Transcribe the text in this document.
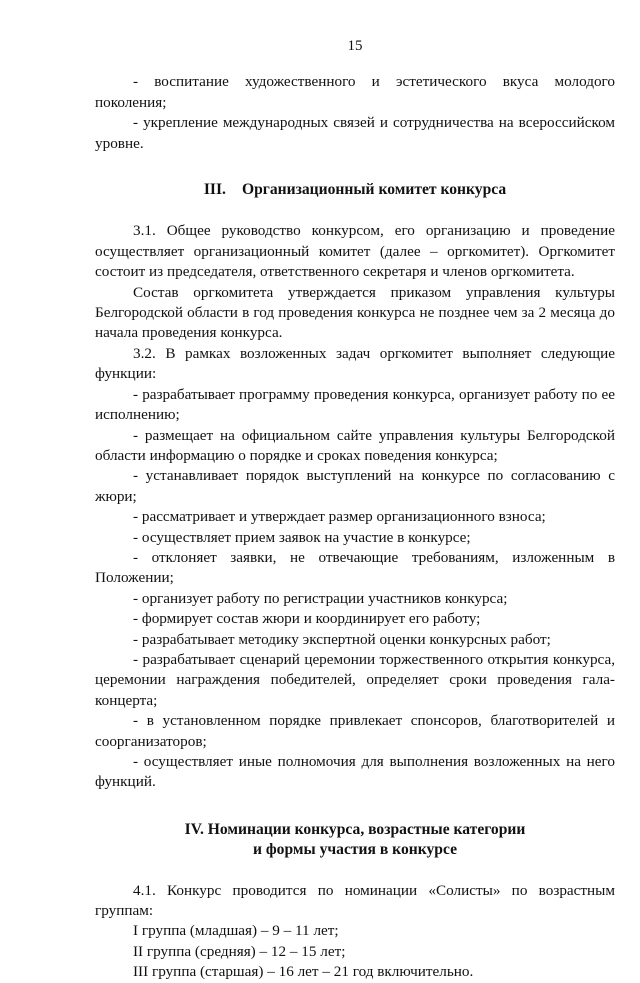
15

- воспитание художественного и эстетического вкуса молодого поколения;

- укрепление международных связей и сотрудничества на всероссийском уровне.

III. Организационный комитет конкурса

3.1. Общее руководство конкурсом, его организацию и проведение осуществляет организационный комитет (далее – оргкомитет). Оргкомитет состоит из председателя, ответственного секретаря и членов оргкомитета.

Состав оргкомитета утверждается приказом управления культуры Белгородской области в год проведения конкурса не позднее чем за 2 месяца до начала проведения конкурса.

3.2. В рамках возложенных задач оргкомитет выполняет следующие функции:

- разрабатывает программу проведения конкурса, организует работу по ее исполнению;

- размещает на официальном сайте управления культуры Белгородской области информацию о порядке и сроках поведения конкурса;

- устанавливает порядок выступлений на конкурсе по согласованию с жюри;

- рассматривает и утверждает размер организационного взноса;

- осуществляет прием заявок на участие в конкурсе;

- отклоняет заявки, не отвечающие требованиям, изложенным в Положении;

- организует работу по регистрации участников конкурса;

- формирует состав жюри и координирует его работу;

- разрабатывает методику экспертной оценки конкурсных работ;

- разрабатывает сценарий церемонии торжественного открытия конкурса, церемонии награждения победителей, определяет сроки проведения гала-концерта;

- в установленном порядке привлекает спонсоров, благотворителей и соорганизаторов;

- осуществляет иные полномочия для выполнения возложенных на него функций.

IV. Номинации конкурса, возрастные категории
и формы участия в конкурсе

4.1. Конкурс проводится по номинации «Солисты» по возрастным группам:

I группа (младшая) – 9 – 11 лет;

II группа (средняя) – 12 – 15 лет;

III группа (старшая) – 16 лет – 21 год включительно.
